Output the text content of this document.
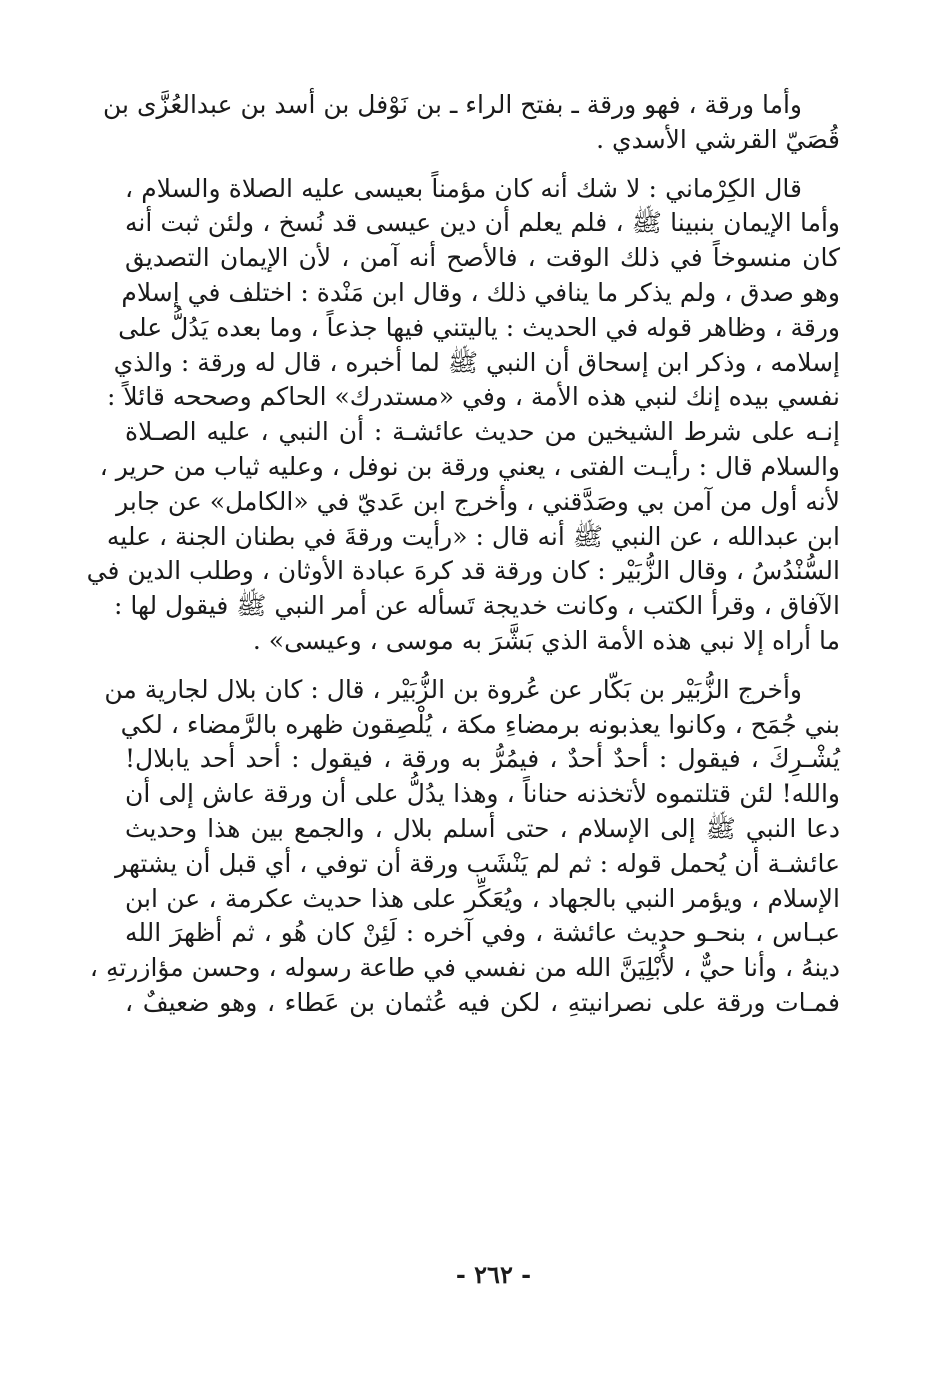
وأما ورقة ، فهو ورقة ـ بفتح الراء ـ بن نَوْفل بن أسد بن عبدالعُزَّى بن
قُصَيّ القرشي الأسدي .
قال الكِرْماني : لا شك أنه كان مؤمناً بعيسى عليه الصلاة والسلام ،
وأما الإيمان بنبينا ﷺ ، فلم يعلم أن دين عيسى قد نُسخ ، ولئن ثبت أنه
كان منسوخاً في ذلك الوقت ، فالأصح أنه آمن ، لأن الإيمان التصديق
وهو صدق ، ولم يذكر ما ينافي ذلك ، وقال ابن مَنْدة : اختلف في إسلام
ورقة ، وظاهر قوله في الحديث : ياليتني فيها جذعاً ، وما بعده يَدُلُّ على
إسلامه ، وذكر ابن إسحاق أن النبي ﷺ لما أخبره ، قال له ورقة : والذي
نفسي بيده إنك لنبي هذه الأمة ، وفي «مستدرك» الحاكم وصححه قائلاً :
إنـه على شرط الشيخين من حديث عائشـة : أن النبي ، عليه الصـلاة
والسلام قال : رأيـت الفتى ، يعني ورقة بن نوفل ، وعليه ثياب من حرير ،
لأنه أول من آمن بي وصَدَّقني ، وأخرج ابن عَديّ في «الكامل» عن جابر
ابن عبدالله ، عن النبي ﷺ أنه قال : «رأيت ورقةَ في بطنان الجنة ، عليه
السُّنْدُسُ ، وقال الزُّبَيْر : كان ورقة قد كرهَ عبادة الأوثان ، وطلب الدين في
الآفاق ، وقرأ الكتب ، وكانت خديجة تَسأله عن أمر النبي ﷺ فيقول لها :
ما أراه إلا نبي هذه الأمة الذي بَشَّرَ به موسى ، وعيسى» .
وأخرج الزُّبَيْر بن بَكّار عن عُروة بن الزُّبَيْر ، قال : كان بلال لجارية من
بني جُمَح ، وكانوا يعذبونه برمضاءِ مكة ، يُلْصِقون ظهره بالرَّمضاء ، لكي
يُشْـرِكَ ، فيقول : أحدٌ أحدٌ ، فيمُرُّ به ورقة ، فيقول : أحد أحد يابلال!
والله! لئن قتلتموه لأتخذنه حناناً ، وهذا يدُلُّ على أن ورقة عاش إلى أن
دعا النبي ﷺ إلى الإسلام ، حتى أسلم بلال ، والجمع بين هذا وحديث
عائشـة أن يُحمل قوله : ثم لم يَنْشَب ورقة أن توفي ، أي قبل أن يشتهر
الإسلام ، ويؤمر النبي بالجهاد ، ويُعَكِّر على هذا حديث عكرمة ، عن ابن
عبـاس ، بنحـو حديث عائشة ، وفي آخره : لَئِنْ كان هُو ، ثم أظهرَ الله
دينهُ ، وأنا حيٌّ ، لأُبْلِيَنَّ الله من نفسي في طاعة رسوله ، وحسن مؤازرتهِ ،
فمـات ورقة على نصرانيتهِ ، لكن فيه عُثمان بن عَطاء ، وهو ضعيفٌ ،
- ٢٦٢ -
